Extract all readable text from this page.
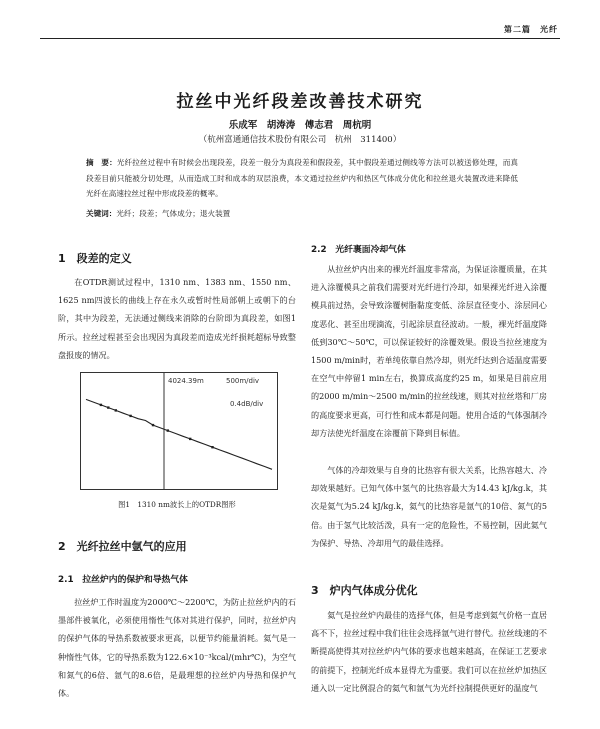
第二篇　光纤
拉丝中光纤段差改善技术研究
乐成军　胡涛涛　傅志君　周杭明
（杭州富通通信技术股份有限公司　杭州　311400）
摘　要：光纤拉丝过程中有时候会出现段差，段差一般分为真段差和假段差，其中假段差通过侧线等方法可以被送修处理，而真段差目前只能被分切处理，从而造成工时和成本的双层浪费，本文通过拉丝炉内和热区气体成分优化和拉丝退火装置改进来降低光纤在高速拉丝过程中形成段差的概率。
关键词：光纤；段差；气体成分；退火装置
1　段差的定义

在OTDR测试过程中，1310 nm、1383 nm、1550 nm、1625 nm四波长的曲线上存在永久或暂时性局部朝上或朝下的台阶，其中为段差，无法通过侧线来消除的台阶即为真段差，如图1所示。拉丝过程甚至会出现因为真段差而造成光纤损耗超标导致整盘报废的情况。

4024.39m	500m/div
0.4dB/div
图1　1310 nm波长上的OTDR图形
2　光纤拉丝中氩气的应用
2.1　拉丝炉内的保护和导热气体

拉丝炉工作时温度为2000℃～2200℃，为防止拉丝炉内的石墨部件被氧化，必须使用惰性气体对其进行保护，同时，拉丝炉内的保护气体的导热系数被要求更高，以便节约能量消耗。氦气是一种惰性气体，它的导热系数为122.6×10⁻³kcal/(mhr℃)，为空气和氮气的6倍、氩气的8.6倍，是最理想的拉丝炉内导热和保护气体。

2.2　光纤裹面冷却气体

从拉丝炉内出来的裸光纤温度非常高，为保证涂覆质量，在其进入涂覆模具之前我们需要对光纤进行冷却，如果裸光纤进入涂覆模具前过热，会导致涂覆树脂黏度变低、涂层直径变小、涂层同心度恶化、甚至出现滴流，引起涂层直径波动。一般，裸光纤温度降低到30℃～50℃，可以保证较好的涂覆效果。假设当拉丝速度为1500 m/min时，若单纯依靠自然冷却，则光纤达到合适温度需要在空气中停留1 min左右，换算成高度约25 m，如果是目前应用的2000 m/min～2500 m/min的拉丝线速，则其对拉丝塔和厂房的高度要求更高，可行性和成本都是问题。使用合适的气体强制冷却方法使光纤温度在涂覆前下降到目标值。

气体的冷却效果与自身的比热容有很大关系，比热容越大、冷却效果越好。已知气体中氢气的比热容最大为14.43 kJ/kg.k，其次是氦气为5.24 kJ/kg.k，氦气的比热容是氩气的10倍、氮气的5倍。由于氢气比较活泼，具有一定的危险性，不易控制，因此氦气为保护、导热、冷却用气的最佳选择。

3　炉内气体成分优化

氦气是拉丝炉内最佳的选择气体，但是考虑到氦气价格一直居高不下，拉丝过程中我们往往会选择氩气进行替代。拉丝线速的不断提高使得其对拉丝炉内气体的要求也越来越高，在保证工艺要求的前提下，控制光纤成本显得尤为重要。我们可以在拉丝炉加热区通入以一定比例混合的氦气和氩气为光纤拉制提供更好的温度气
